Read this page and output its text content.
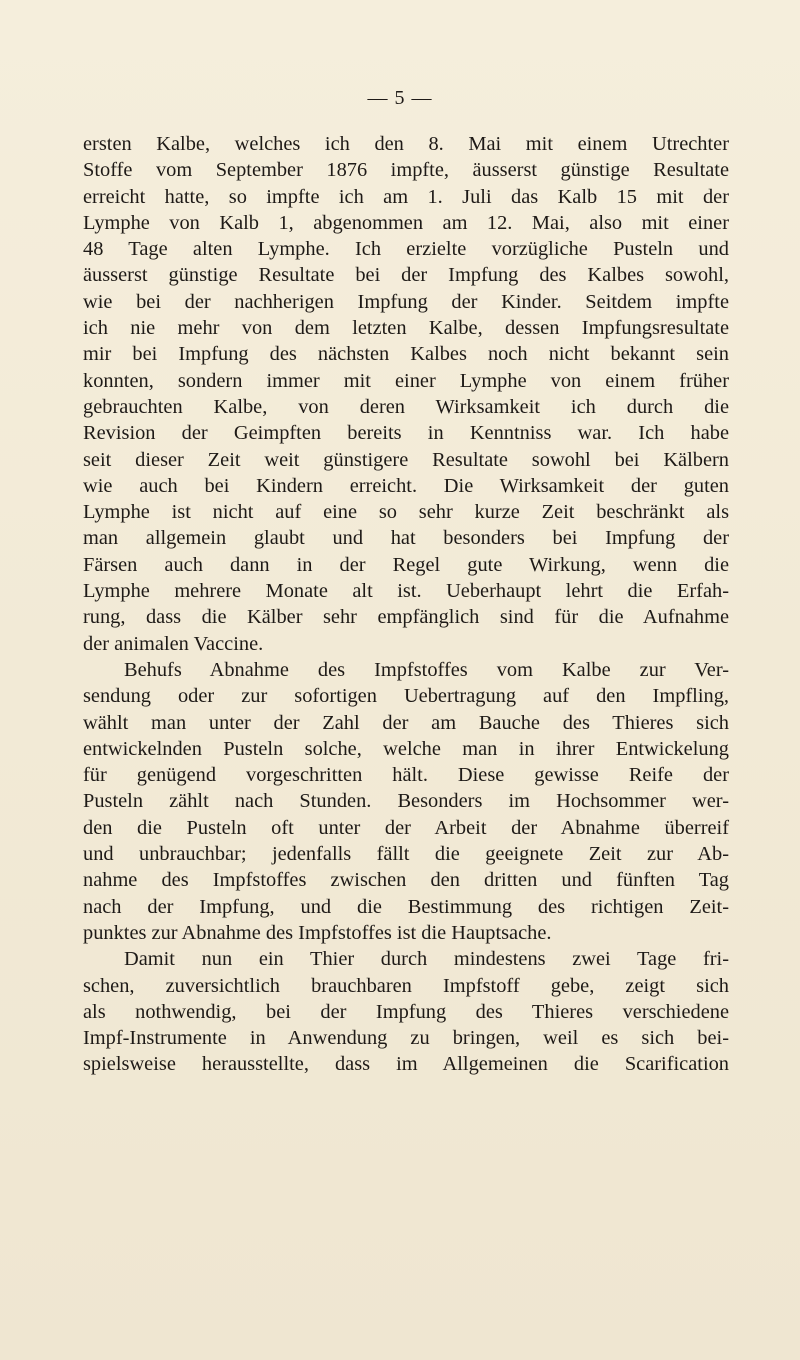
— 5 —
ersten Kalbe, welches ich den 8. Mai mit einem Utrechter
Stoffe vom September 1876 impfte, äusserst günstige Resultate
erreicht hatte, so impfte ich am 1. Juli das Kalb 15 mit der
Lymphe von Kalb 1, abgenommen am 12. Mai, also mit einer
48 Tage alten Lymphe. Ich erzielte vorzügliche Pusteln und
äusserst günstige Resultate bei der Impfung des Kalbes sowohl,
wie bei der nachherigen Impfung der Kinder. Seitdem impfte
ich nie mehr von dem letzten Kalbe, dessen Impfungsresultate
mir bei Impfung des nächsten Kalbes noch nicht bekannt sein
konnten, sondern immer mit einer Lymphe von einem früher
gebrauchten Kalbe, von deren Wirksamkeit ich durch die
Revision der Geimpften bereits in Kenntniss war. Ich habe
seit dieser Zeit weit günstigere Resultate sowohl bei Kälbern
wie auch bei Kindern erreicht. Die Wirksamkeit der guten
Lymphe ist nicht auf eine so sehr kurze Zeit beschränkt als
man allgemein glaubt und hat besonders bei Impfung der
Färsen auch dann in der Regel gute Wirkung, wenn die
Lymphe mehrere Monate alt ist. Ueberhaupt lehrt die Erfah-
rung, dass die Kälber sehr empfänglich sind für die Aufnahme
der animalen Vaccine.
Behufs Abnahme des Impfstoffes vom Kalbe zur Ver-
sendung oder zur sofortigen Uebertragung auf den Impfling,
wählt man unter der Zahl der am Bauche des Thieres sich
entwickelnden Pusteln solche, welche man in ihrer Entwickelung
für genügend vorgeschritten hält. Diese gewisse Reife der
Pusteln zählt nach Stunden. Besonders im Hochsommer wer-
den die Pusteln oft unter der Arbeit der Abnahme überreif
und unbrauchbar; jedenfalls fällt die geeignete Zeit zur Ab-
nahme des Impfstoffes zwischen den dritten und fünften Tag
nach der Impfung, und die Bestimmung des richtigen Zeit-
punktes zur Abnahme des Impfstoffes ist die Hauptsache.
Damit nun ein Thier durch mindestens zwei Tage fri-
schen, zuversichtlich brauchbaren Impfstoff gebe, zeigt sich
als nothwendig, bei der Impfung des Thieres verschiedene
Impf-Instrumente in Anwendung zu bringen, weil es sich bei-
spielsweise herausstellte, dass im Allgemeinen die Scarification
